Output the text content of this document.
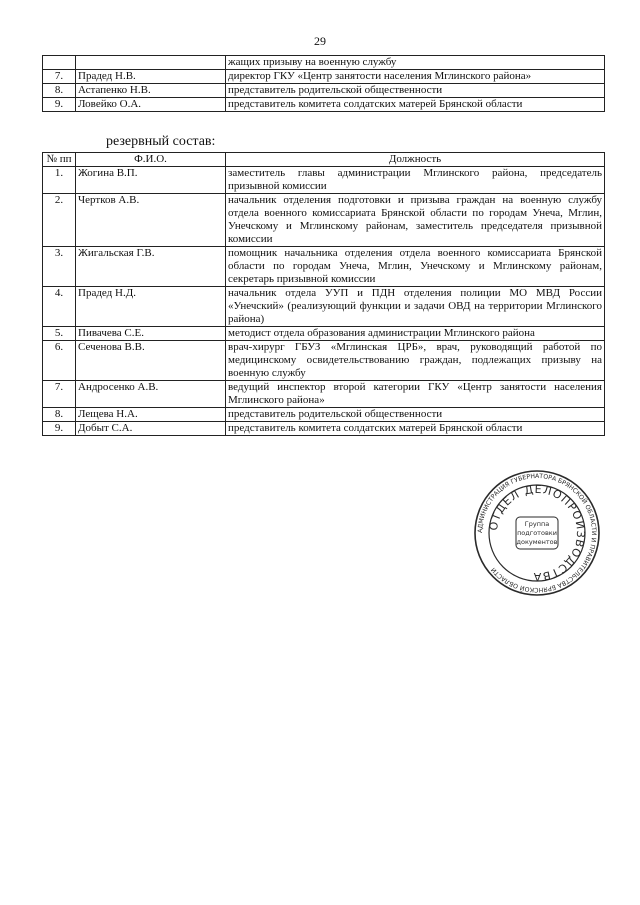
29
		жащих призыву на военную службу
7.	Прадед Н.В.	директор ГКУ «Центр занятости населения Мглинского района»
8.	Астапенко Н.В.	представитель родительской общественности
9.	Ловейко О.А.	представитель комитета солдатских матерей Брянской области
резервный состав:
№ пп	Ф.И.О.	Должность
1.	Жогина В.П.	заместитель главы администрации Мглинского района, председатель призывной комиссии
2.	Чертков А.В.	начальник отделения подготовки и призыва граждан на военную службу отдела военного комиссариата Брянской области по городам Унеча, Мглин, Унечскому и Мглинскому районам, заместитель председателя призывной комиссии
3.	Жигальская Г.В.	помощник начальника отделения отдела военного комиссариата Брянской области по городам Унеча, Мглин, Унечскому и Мглинскому районам, секретарь призывной комиссии
4.	Прадед Н.Д.	начальник отдела УУП и ПДН отделения полиции МО МВД России «Унечский» (реализующий функции и задачи ОВД на территории Мглинского района)
5.	Пивачева С.Е.	методист отдела образования администрации Мглинского района
6.	Сеченова В.В.	врач-хирург ГБУЗ «Мглинская ЦРБ», врач, руководящий работой по медицинскому освидетельствованию граждан, подлежащих призыву на военную службу
7.	Андросенко А.В.	ведущий инспектор второй категории ГКУ «Центр занятости населения Мглинского района»
8.	Лещева Н.А.	представитель родительской общественности
9.	Добыт С.А.	представитель комитета солдатских матерей Брянской области
АДМИНИСТРАЦИЯ ГУБЕРНАТОРА БРЯНСКОЙ ОБЛАСТИ И ПРАВИТЕЛЬСТВА БРЯНСКОЙ ОБЛАСТИ
ОТДЕЛ ДЕЛОПРОИЗВОДСТВА
Группа
подготовки
документов
